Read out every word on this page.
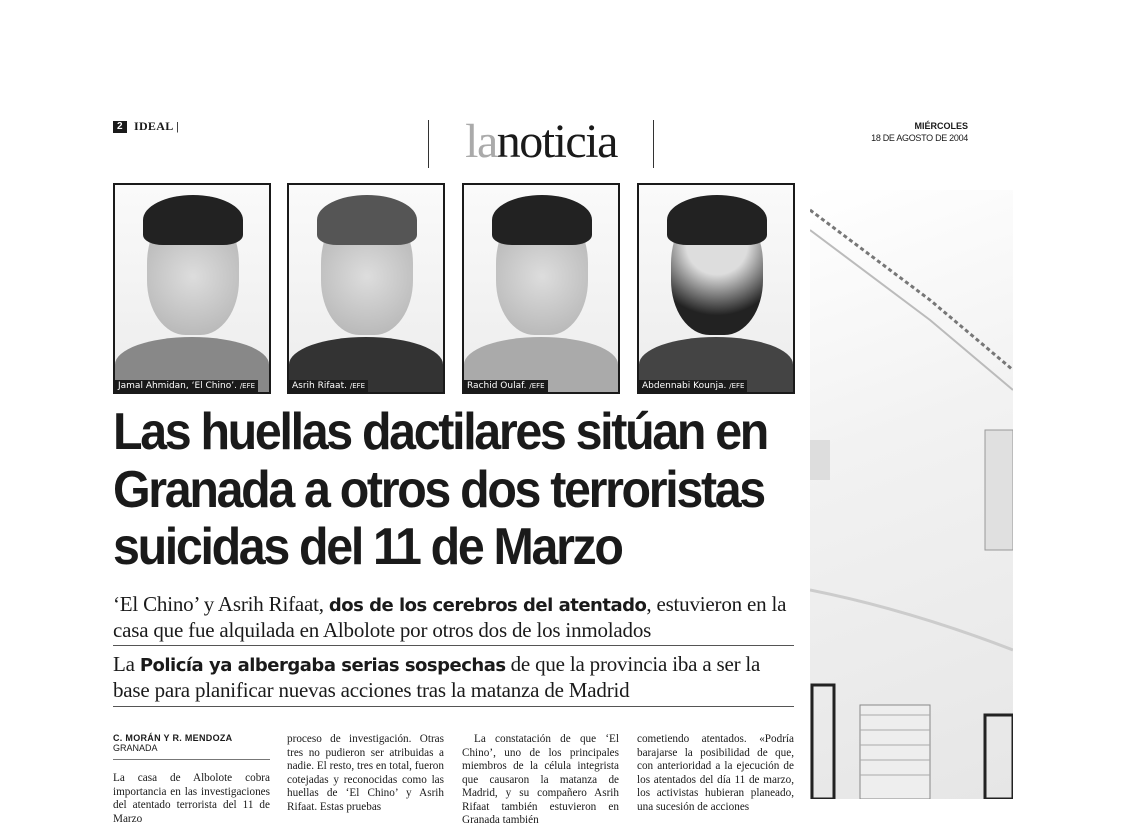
2 IDEAL |	lanoticia	MIÉRCOLES
18 DE AGOSTO DE 2004
Jamal Ahmidan, ‘El Chino’. /EFE	Asrih Rifaat. /EFE	Rachid Oulaf. /EFE	Abdennabi Kounja. /EFE
Las huellas dactilares sitúan en
Granada a otros dos terroristas
suicidas del 11 de Marzo
‘El Chino’ y Asrih Rifaat, dos de los cerebros del atentado, estuvieron en la casa que fue alquilada en Albolote por otros dos de los inmolados
La Policía ya albergaba serias sospechas de que la provincia iba a ser la base para planificar nuevas acciones tras la matanza de Madrid
C. MORÁN Y R. MENDOZA
GRANADA
La casa de Albolote cobra importancia en las investigaciones del atentado terrorista del 11 de Marzo
proceso de investigación. Otras tres no pudieron ser atribuidas a nadie. El resto, tres en total, fueron cotejadas y reconocidas como las huellas de ‘El Chino’ y Asrih Rifaat. Estas pruebas
La constatación de que ‘El Chino’, uno de los principales miembros de la célula integrista que causaron la matanza de Madrid, y su compañero Asrih Rifaat también estuvieron en Granada también
cometiendo atentados. «Podría barajarse la posibilidad de que, con anterioridad a la ejecución de los atentados del día 11 de marzo, los activistas hubieran planeado, una sucesión de acciones
